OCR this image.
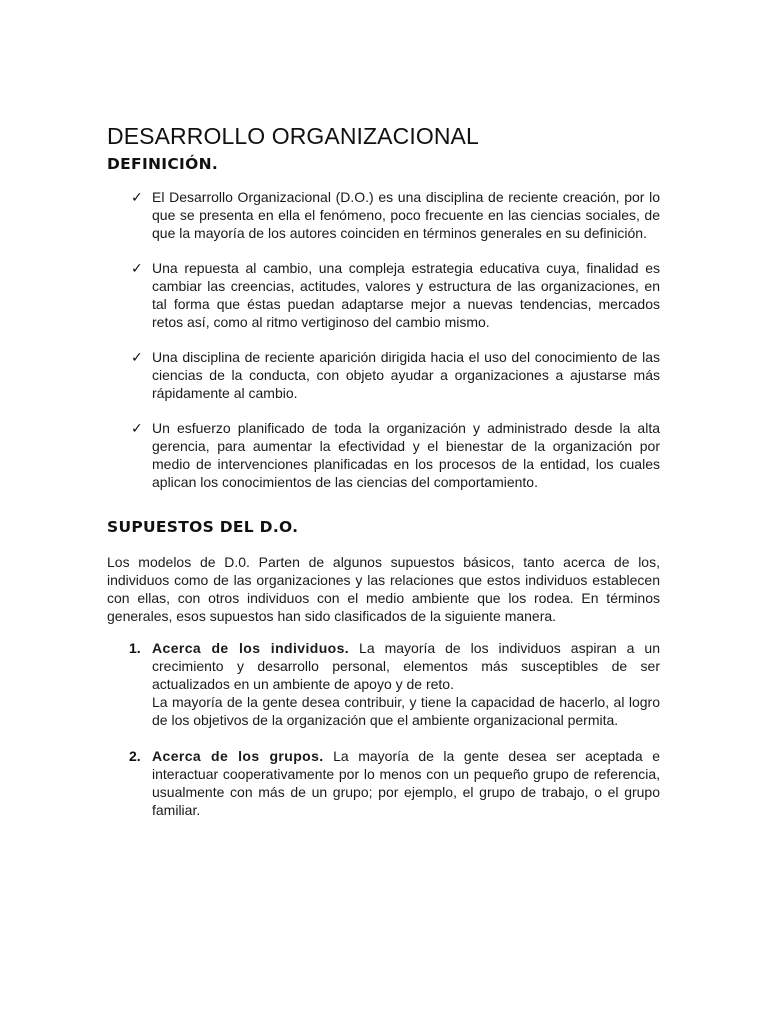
DESARROLLO ORGANIZACIONAL
DEFINICIÓN.
✓ El Desarrollo Organizacional (D.O.) es una disciplina de reciente creación, por lo que se presenta en ella el fenómeno, poco frecuente en las ciencias sociales, de que la mayoría de los autores coinciden en términos generales en su definición.

✓ Una repuesta al cambio, una compleja estrategia educativa cuya, finalidad es cambiar las creencias, actitudes, valores y estructura de las organizaciones, en tal forma que éstas puedan adaptarse mejor a nuevas tendencias, mercados retos así, como al ritmo vertiginoso del cambio mismo.

✓ Una disciplina de reciente aparición dirigida hacia el uso del conocimiento de las ciencias de la conducta, con objeto ayudar a organizaciones a ajustarse más rápidamente al cambio.

✓ Un esfuerzo planificado de toda la organización y administrado desde la alta gerencia, para aumentar la efectividad y el bienestar de la organización por medio de intervenciones planificadas en los procesos de la entidad, los cuales aplican los conocimientos de las ciencias del comportamiento.

SUPUESTOS DEL D.O.

Los modelos de D.0. Parten de algunos supuestos básicos, tanto acerca de los, individuos como de las organizaciones y las relaciones que estos individuos establecen con ellas, con otros individuos con el medio ambiente que los rodea. En términos generales, esos supuestos han sido clasificados de la siguiente manera.

1. Acerca de los individuos. La mayoría de los individuos aspiran a un crecimiento y desarrollo personal, elementos más susceptibles de ser actualizados en un ambiente de apoyo y de reto.

La mayoría de la gente desea contribuir, y tiene la capacidad de hacerlo, al logro de los objetivos de la organización que el ambiente organizacional permita.

2. Acerca de los grupos. La mayoría de la gente desea ser aceptada e interactuar cooperativamente por lo menos con un pequeño grupo de referencia, usualmente con más de un grupo; por ejemplo, el grupo de trabajo, o el grupo familiar.
